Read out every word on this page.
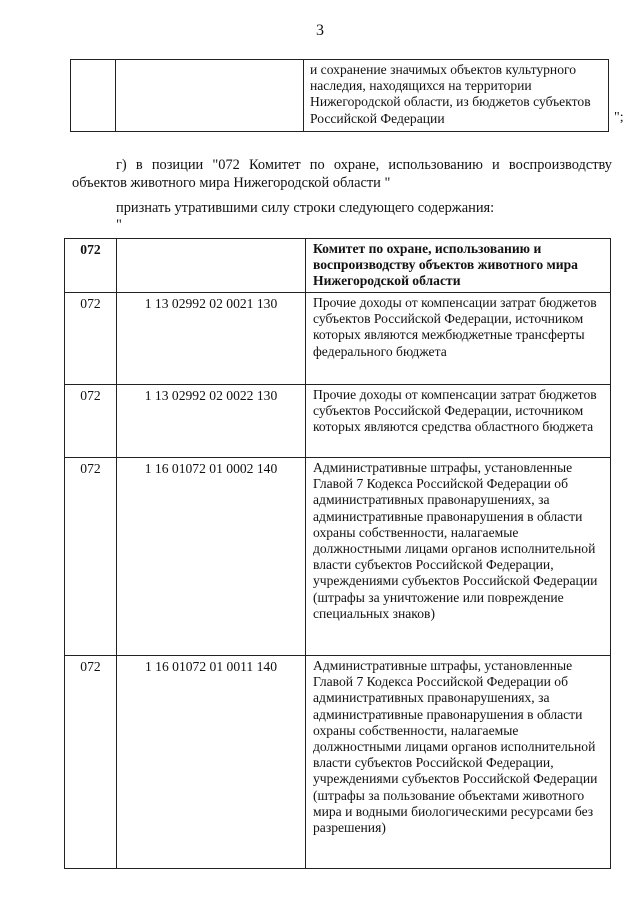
3
		и сохранение значимых объектов культурного наследия, находящихся на территории Нижегородской области, из бюджетов субъектов Российской Федерации	";
г) в позиции "072 Комитет по охране, использованию и воспроизводству объектов животного мира Нижегородской области "
признать утратившими силу строки следующего содержания:
"
072		Комитет по охране, использованию и воспроизводству объектов животного мира Нижегородской области
072	1 13 02992 02 0021 130	Прочие доходы от компенсации затрат бюджетов субъектов Российской Федерации, источником которых являются межбюджетные трансферты федерального бюджета
072	1 13 02992 02 0022 130	Прочие доходы от компенсации затрат бюджетов субъектов Российской Федерации, источником которых являются средства областного бюджета
072	1 16 01072 01 0002 140	Административные штрафы, установленные Главой 7 Кодекса Российской Федерации об административных правонарушениях, за административные правонарушения в области охраны собственности, налагаемые должностными лицами органов исполнительной власти субъектов Российской Федерации, учреждениями субъектов Российской Федерации (штрафы за уничтожение или повреждение специальных знаков)
072	1 16 01072 01 0011 140	Административные штрафы, установленные Главой 7 Кодекса Российской Федерации об административных правонарушениях, за административные правонарушения в области охраны собственности, налагаемые должностными лицами органов исполнительной власти субъектов Российской Федерации, учреждениями субъектов Российской Федерации (штрафы за пользование объектами животного мира и водными биологическими ресурсами без разрешения)
